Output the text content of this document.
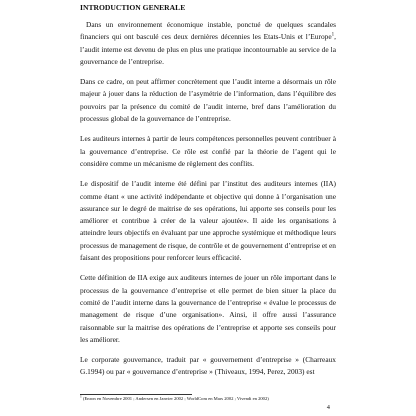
INTRODUCTION GENERALE

Dans un environnement économique instable, ponctué de quelques scandales financiers qui ont basculé ces deux dernières décennies les Etats-Unis et l’Europe$^1$, l’audit interne est devenu de plus en plus une pratique incontournable au service de la gouvernance de l’entreprise.

Dans ce cadre, on peut affirmer concrètement que l’audit interne a désormais un rôle majeur à jouer dans la réduction de l’asymétrie de l’information, dans l’équilibre des pouvoirs par la présence du comité de l’audit interne, bref dans l’amélioration du processus global de la gouvernance de l’entreprise.

Les auditeurs internes à partir de leurs compétences personnelles peuvent contribuer à la gouvernance d’entreprise. Ce rôle est confié par la théorie de l’agent qui le considère comme un mécanisme de règlement des conflits.

Le dispositif de l’audit interne été défini par l’institut des auditeurs internes (IIA) comme étant « une activité indépendante et objective qui donne à l’organisation une assurance sur le degré de maitrise de ses opérations, lui apporte ses conseils pour les améliorer et contribue à créer de la valeur ajoutée». Il aide les organisations à atteindre leurs objectifs en évaluant par une approche systémique et méthodique leurs processus de management de risque, de contrôle et de gouvernement d’entreprise et en faisant des propositions pour renforcer leurs efficacité.

Cette définition de IIA exige aux auditeurs internes de jouer un rôle important dans le processus de la gouvernance d’entreprise et elle permet de bien situer la place du comité de l’audit interne dans la gouvernance de l’entreprise « évalue le processus de management de risque d’une organisation». Ainsi, il offre aussi l’assurance raisonnable sur la maitrise des opérations de l’entreprise et apporte ses conseils pour les améliorer.

Le corporate gouvernance, traduit par « gouvernement d’entreprise » (Charreaux G.1994) ou par « gouvernance d’entreprise » (Thiveaux, 1994, Perez, 2003) est

$^1$ (Enron en Novembre 2001 ; Andersen en Janvier 2002 ; WorldCom en Mars 2002 ; Vivendi en 2002)
4
